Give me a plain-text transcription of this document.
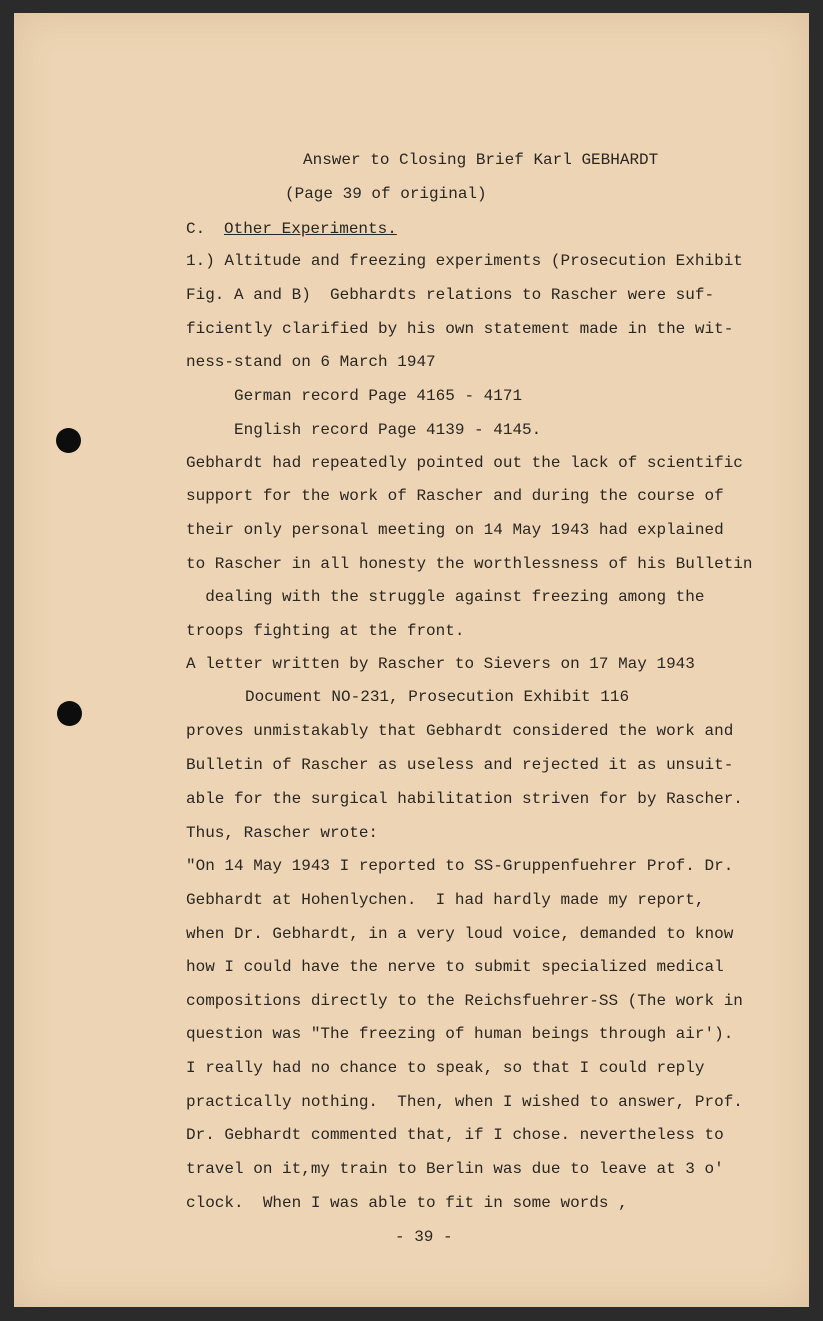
Answer to Closing Brief Karl GEBHARDT
(Page 39 of original)
C. Other Experiments.
1.) Altitude and freezing experiments (Prosecution Exhibit
Fig. A and B)  Gebhardts relations to Rascher were suf-
ficiently clarified by his own statement made in the wit-
ness-stand on 6 March 1947
German record Page 4165 - 4171
English record Page 4139 - 4145.
Gebhardt had repeatedly pointed out the lack of scientific
support for the work of Rascher and during the course of
their only personal meeting on 14 May 1943 had explained
to Rascher in all honesty the worthlessness of his Bulletin
dealing with the struggle against freezing among the
troops fighting at the front.
A letter written by Rascher to Sievers on 17 May 1943
Document NO-231, Prosecution Exhibit 116
proves unmistakably that Gebhardt considered the work and
Bulletin of Rascher as useless and rejected it as unsuit-
able for the surgical habilitation striven for by Rascher.
Thus, Rascher wrote:
"On 14 May 1943 I reported to SS-Gruppenfuehrer Prof. Dr.
Gebhardt at Hohenlychen.  I had hardly made my report,
when Dr. Gebhardt, in a very loud voice, demanded to know
how I could have the nerve to submit specialized medical
compositions directly to the Reichsfuehrer-SS (The work in
question was "The freezing of human beings through air').
I really had no chance to speak, so that I could reply
practically nothing.  Then, when I wished to answer, Prof.
Dr. Gebhardt commented that, if I chose. nevertheless to
travel on it,my train to Berlin was due to leave at 3 o'
clock.  When I was able to fit in some words ,
- 39 -
